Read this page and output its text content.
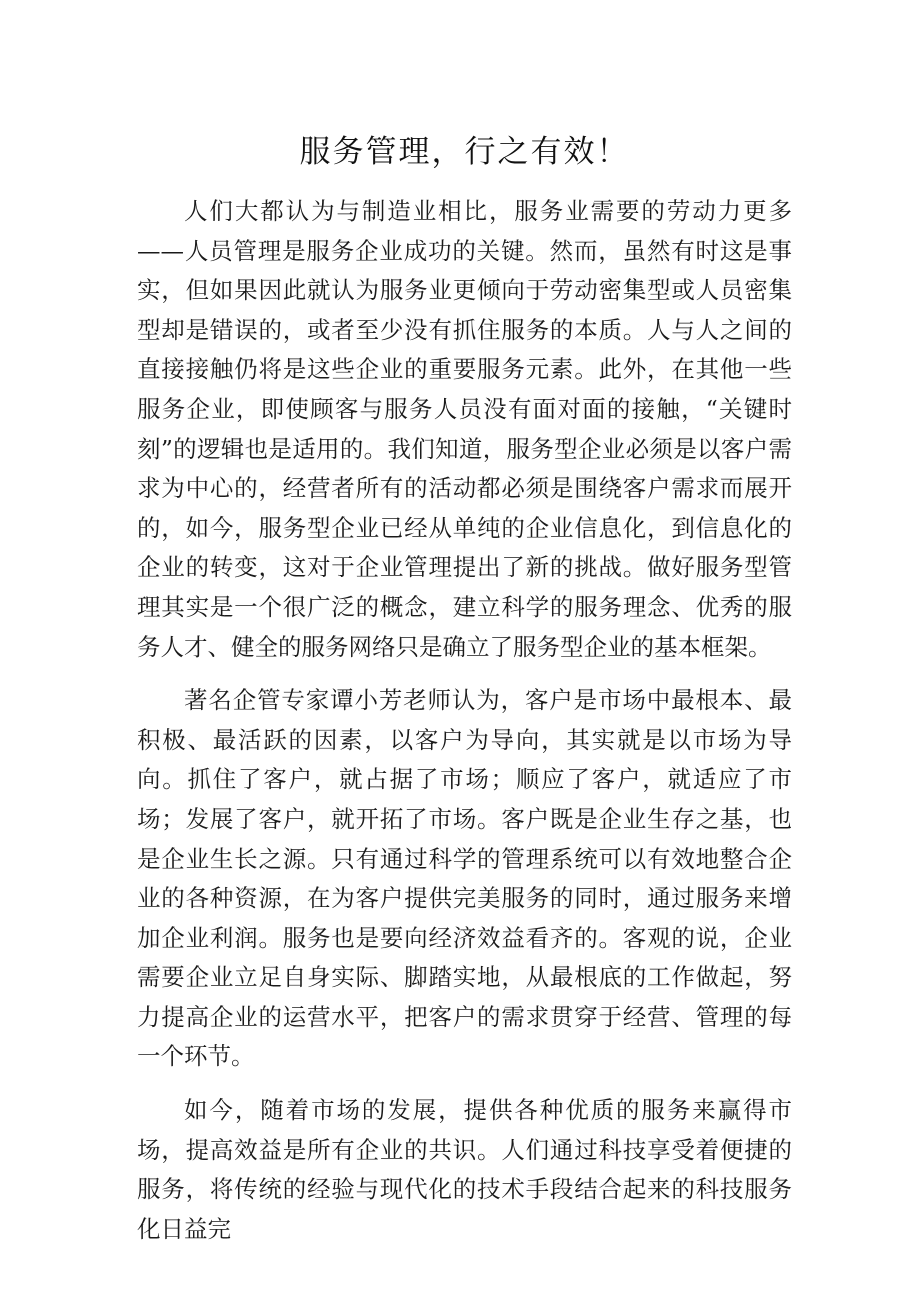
服务管理，行之有效！

人们大都认为与制造业相比，服务业需要的劳动力更多——人员管理是服务企业成功的关键。然而，虽然有时这是事实，但如果因此就认为服务业更倾向于劳动密集型或人员密集型却是错误的，或者至少没有抓住服务的本质。人与人之间的直接接触仍将是这些企业的重要服务元素。此外，在其他一些服务企业，即使顾客与服务人员没有面对面的接触，“关键时刻”的逻辑也是适用的。我们知道，服务型企业必须是以客户需求为中心的，经营者所有的活动都必须是围绕客户需求而展开的，如今，服务型企业已经从单纯的企业信息化，到信息化的企业的转变，这对于企业管理提出了新的挑战。做好服务型管理其实是一个很广泛的概念，建立科学的服务理念、优秀的服务人才、健全的服务网络只是确立了服务型企业的基本框架。

著名企管专家谭小芳老师认为，客户是市场中最根本、最积极、最活跃的因素，以客户为导向，其实就是以市场为导向。抓住了客户，就占据了市场；顺应了客户，就适应了市场；发展了客户，就开拓了市场。客户既是企业生存之基，也是企业生长之源。只有通过科学的管理系统可以有效地整合企业的各种资源，在为客户提供完美服务的同时，通过服务来增加企业利润。服务也是要向经济效益看齐的。客观的说，企业需要企业立足自身实际、脚踏实地，从最根底的工作做起，努力提高企业的运营水平，把客户的需求贯穿于经营、管理的每一个环节。

如今，随着市场的发展，提供各种优质的服务来赢得市场，提高效益是所有企业的共识。人们通过科技享受着便捷的服务，将传统的经验与现代化的技术手段结合起来的科技服务化日益完
